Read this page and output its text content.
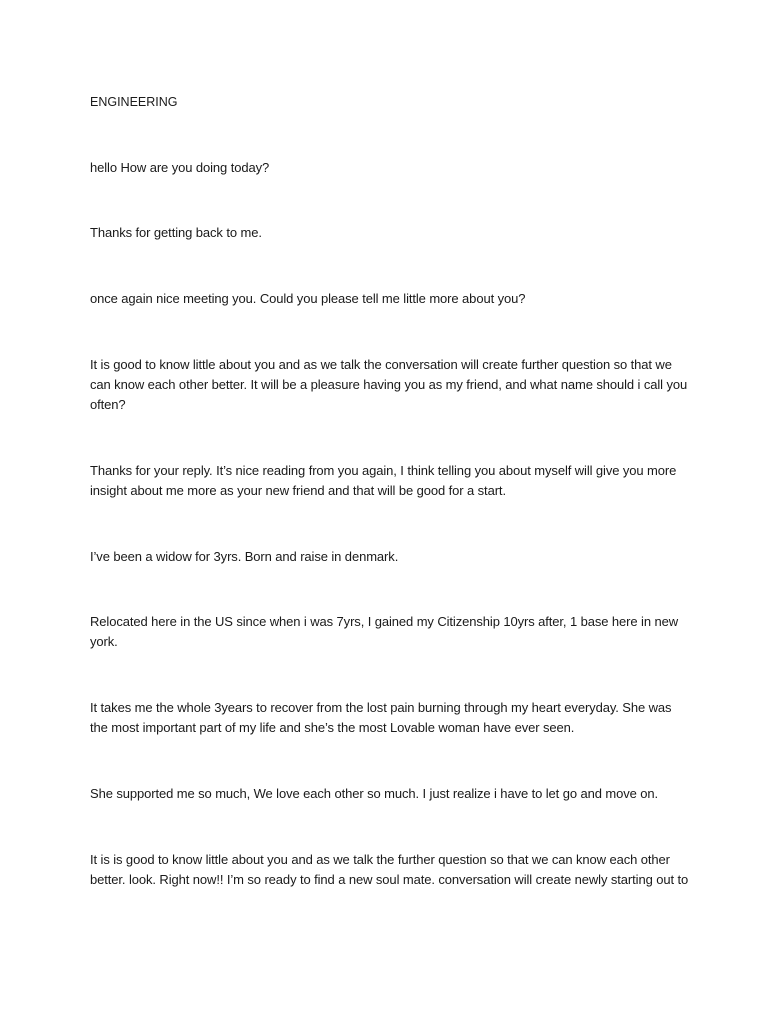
ENGINEERING

hello How are you doing today?

Thanks for getting back to me.

once again nice meeting you. Could you please tell me little more about you?

It is good to know little about you and as we talk the conversation will create further question so that we can know each other better. It will be a pleasure having you as my friend, and what name should i call you often?

Thanks for your reply. It’s nice reading from you again, I think telling you about myself will give you more insight about me more as your new friend and that will be good for a start.

I’ve been a widow for 3yrs. Born and raise in denmark.

Relocated here in the US since when i was 7yrs, I gained my Citizenship 10yrs after, 1 base here in new york.

It takes me the whole 3years to recover from the lost pain burning through my heart everyday. She was the most important part of my life and she’s the most Lovable woman have ever seen.

She supported me so much, We love each other so much. I just realize i have to let go and move on.

It is is good to know little about you and as we talk the further question so that we can know each other better. look. Right now!! I’m so ready to find a new soul mate. conversation will create newly starting out to
